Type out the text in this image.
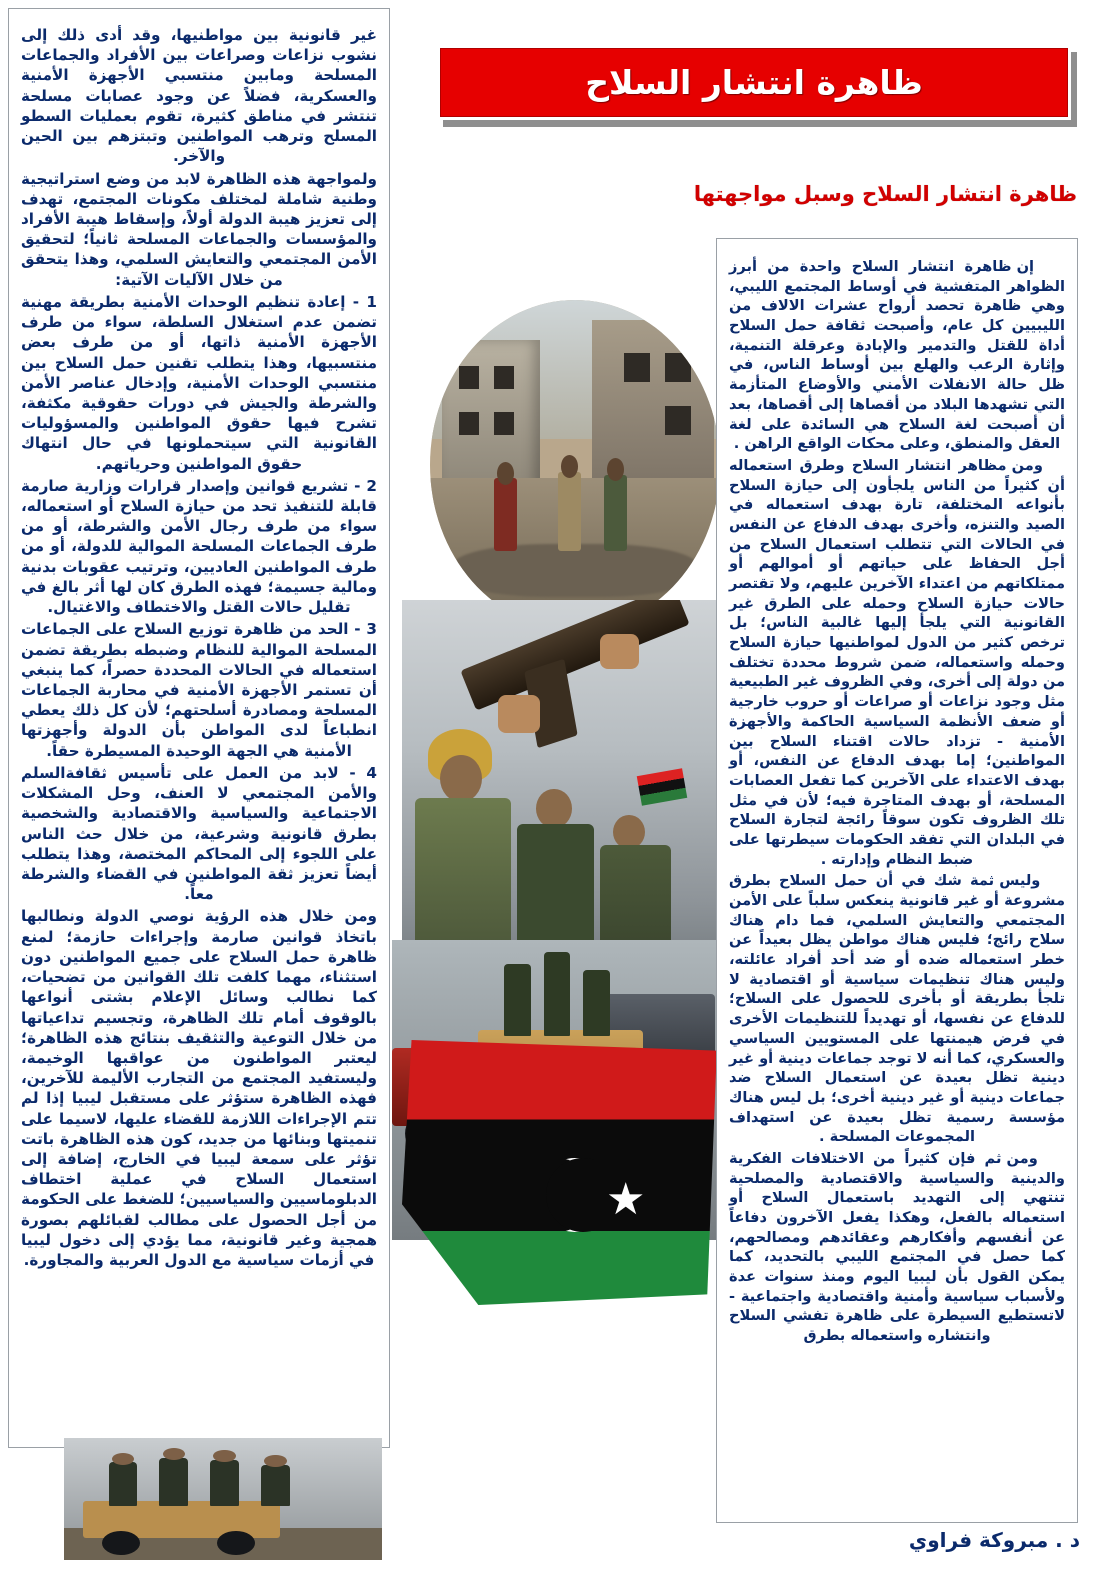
غير قانونية بين مواطنيها، وقد أدى ذلك إلى نشوب نزاعات وصراعات بين الأفراد والجماعات المسلحة ومابين منتسبي الأجهزة الأمنية والعسكرية، فضلاً عن وجود عصابات مسلحة تنتشر في مناطق كثيرة، تقوم بعمليات السطو المسلح وترهب المواطنين وتبتزهم بين الحين والآخر.

ولمواجهة هذه الظاهرة لابد من وضع استراتيجية وطنية شاملة لمختلف مكونات المجتمع، تهدف إلى تعزيز هيبة الدولة أولاً، وإسقاط هيبة الأفراد والمؤسسات والجماعات المسلحة ثانياً؛ لتحقيق الأمن المجتمعي والتعايش السلمي، وهذا يتحقق من خلال الآليات الآتية:

1 - إعادة تنظيم الوحدات الأمنية بطريقة مهنية تضمن عدم استغلال السلطة، سواء من طرف الأجهزة الأمنية ذاتها، أو من طرف بعض منتسبيها، وهذا يتطلب تقنين حمل السلاح بين منتسبي الوحدات الأمنية، وإدخال عناصر الأمن والشرطة والجيش في دورات حقوقية مكثفة، تشرح فيها حقوق المواطنين والمسؤوليات القانونية التي سيتحملونها في حال انتهاك حقوق المواطنين وحرياتهم.

2 - تشريع قوانين وإصدار قرارات وزارية صارمة قابلة للتنفيذ تحد من حيازة السلاح أو استعماله، سواء من طرف رجال الأمن والشرطة، أو من طرف الجماعات المسلحة الموالية للدولة، أو من طرف المواطنين العاديين، وترتيب عقوبات بدنية ومالية جسيمة؛ فهذه الطرق كان لها أثر بالغ في تقليل حالات القتل والاختطاف والاغتيال.

3 - الحد من ظاهرة توزيع السلاح على الجماعات المسلحة الموالية للنظام وضبطه بطريقة تضمن استعماله في الحالات المحددة حصراً، كما ينبغي أن تستمر الأجهزة الأمنية في محاربة الجماعات المسلحة ومصادرة أسلحتهم؛ لأن كل ذلك يعطي انطباعاً لدى المواطن بأن الدولة وأجهزتها الأمنية هي الجهة الوحيدة المسيطرة حقاً.

4 - لابد من العمل على تأسيس ثقافةالسلم والأمن المجتمعي لا العنف، وحل المشكلات الاجتماعية والسياسية والاقتصادية والشخصية بطرق قانونية وشرعية، من خلال حث الناس على اللجوء إلى المحاكم المختصة، وهذا يتطلب أيضاً تعزيز ثقة المواطنين في القضاء والشرطة معاً.

ومن خلال هذه الرؤية نوصي الدولة ونطالبها باتخاذ قوانين صارمة وإجراءات حازمة؛ لمنع ظاهرة حمل السلاح على جميع المواطنين دون استثناء، مهما كلفت تلك القوانين من تضحيات، كما نطالب وسائل الإعلام بشتى أنواعها بالوقوف أمام تلك الظاهرة، وتجسيم تداعياتها من خلال التوعية والتثقيف بنتائج هذه الظاهرة؛ ليعتبر المواطنون من عواقبها الوخيمة، وليستفيد المجتمع من التجارب الأليمة للآخرين، فهذه الظاهرة ستؤثر على مستقبل ليبيا إذا لم تتم الإجراءات اللازمة للقضاء عليها، لاسيما على تنميتها وبنائها من جديد، كون هذه الظاهرة باتت تؤثر على سمعة ليبيا في الخارج، إضافة إلى استعمال السلاح في عملية اختطاف الدبلوماسيين والسياسيين؛ للضغط على الحكومة من أجل الحصول على مطالب لقبائلهم بصورة همجية وغير قانونية، مما يؤدي إلى دخول ليبيا في أزمات سياسية مع الدول العربية والمجاورة.

ظاهرة انتشار السلاح
ظاهرة انتشار السلاح وسبل مواجهتها
★

إن ظاهرة انتشار السلاح واحدة من أبرز الظواهر المتفشية في أوساط المجتمع الليبي، وهي ظاهرة تحصد أرواح عشرات الالاف من الليبيين كل عام، وأصبحت ثقافة حمل السلاح أداة للقتل والتدمير والإبادة وعرقلة التنمية، وإثارة الرعب والهلع بين أوساط الناس، في ظل حالة الانفلات الأمني والأوضاع المتأزمة التي تشهدها البلاد من أقصاها إلى أقصاها، بعد أن أصبحت لغة السلاح هي السائدة على لغة العقل والمنطق، وعلى محكات الواقع الراهن .

ومن مظاهر انتشار السلاح وطرق استعماله أن كثيراً من الناس يلجأون إلى حيازة السلاح بأنواعه المختلفة، تارة بهدف استعماله في الصيد والتنزه، وأخرى بهدف الدفاع عن النفس في الحالات التي تتطلب استعمال السلاح من أجل الحفاظ على حياتهم أو أموالهم أو ممتلكاتهم من اعتداء الآخرين عليهم، ولا تقتصر حالات حيازة السلاح وحمله على الطرق غير القانونية التي يلجأ إليها غالبية الناس؛ بل ترخص كثير من الدول لمواطنيها حيازة السلاح وحمله واستعماله، ضمن شروط محددة تختلف من دولة إلى أخرى، وفي الظروف غير الطبيعية مثل وجود نزاعات أو صراعات أو حروب خارجية أو ضعف الأنظمة السياسية الحاكمة والأجهزة الأمنية - تزداد حالات اقتناء السلاح بين المواطنين؛ إما بهدف الدفاع عن النفس، أو بهدف الاعتداء على الآخرين كما تفعل العصابات المسلحة، أو بهدف المتاجرة فيه؛ لأن في مثل تلك الظروف تكون سوقاً رائجة لتجارة السلاح في البلدان التي تفقد الحكومات سيطرتها على ضبط النظام وإدارته .

وليس ثمة شك في أن حمل السلاح بطرق مشروعة أو غير قانونية ينعكس سلباً على الأمن المجتمعي والتعايش السلمي، فما دام هناك سلاح رائج؛ فليس هناك مواطن يظل بعيداً عن خطر استعماله ضده أو ضد أحد أفراد عائلته، وليس هناك تنظيمات سياسية أو اقتصادية لا تلجأ بطريقة أو بأخرى للحصول على السلاح؛ للدفاع عن نفسها، أو تهديداً للتنظيمات الأخرى في فرض هيمنتها على المستويين السياسي والعسكري، كما أنه لا توجد جماعات دينية أو غير دينية تظل بعيدة عن استعمال السلاح ضد جماعات دينية أو غير دينية أخرى؛ بل ليس هناك مؤسسة رسمية تظل بعيدة عن استهداف المجموعات المسلحة .

ومن ثم فإن كثيراً من الاختلافات الفكرية والدينية والسياسية والاقتصادية والمصلحية تنتهي إلى التهديد باستعمال السلاح أو استعماله بالفعل، وهكذا يفعل الآخرون دفاعاً عن أنفسهم وأفكارهم وعقائدهم ومصالحهم، كما حصل في المجتمع الليبي بالتحديد، كما يمكن القول بأن ليبيا اليوم ومنذ سنوات عدة ولأسباب سياسية وأمنية واقتصادية واجتماعية - لاتستطيع السيطرة على ظاهرة تفشي السلاح وانتشاره واستعماله بطرق

د . مبروكة فراوي
